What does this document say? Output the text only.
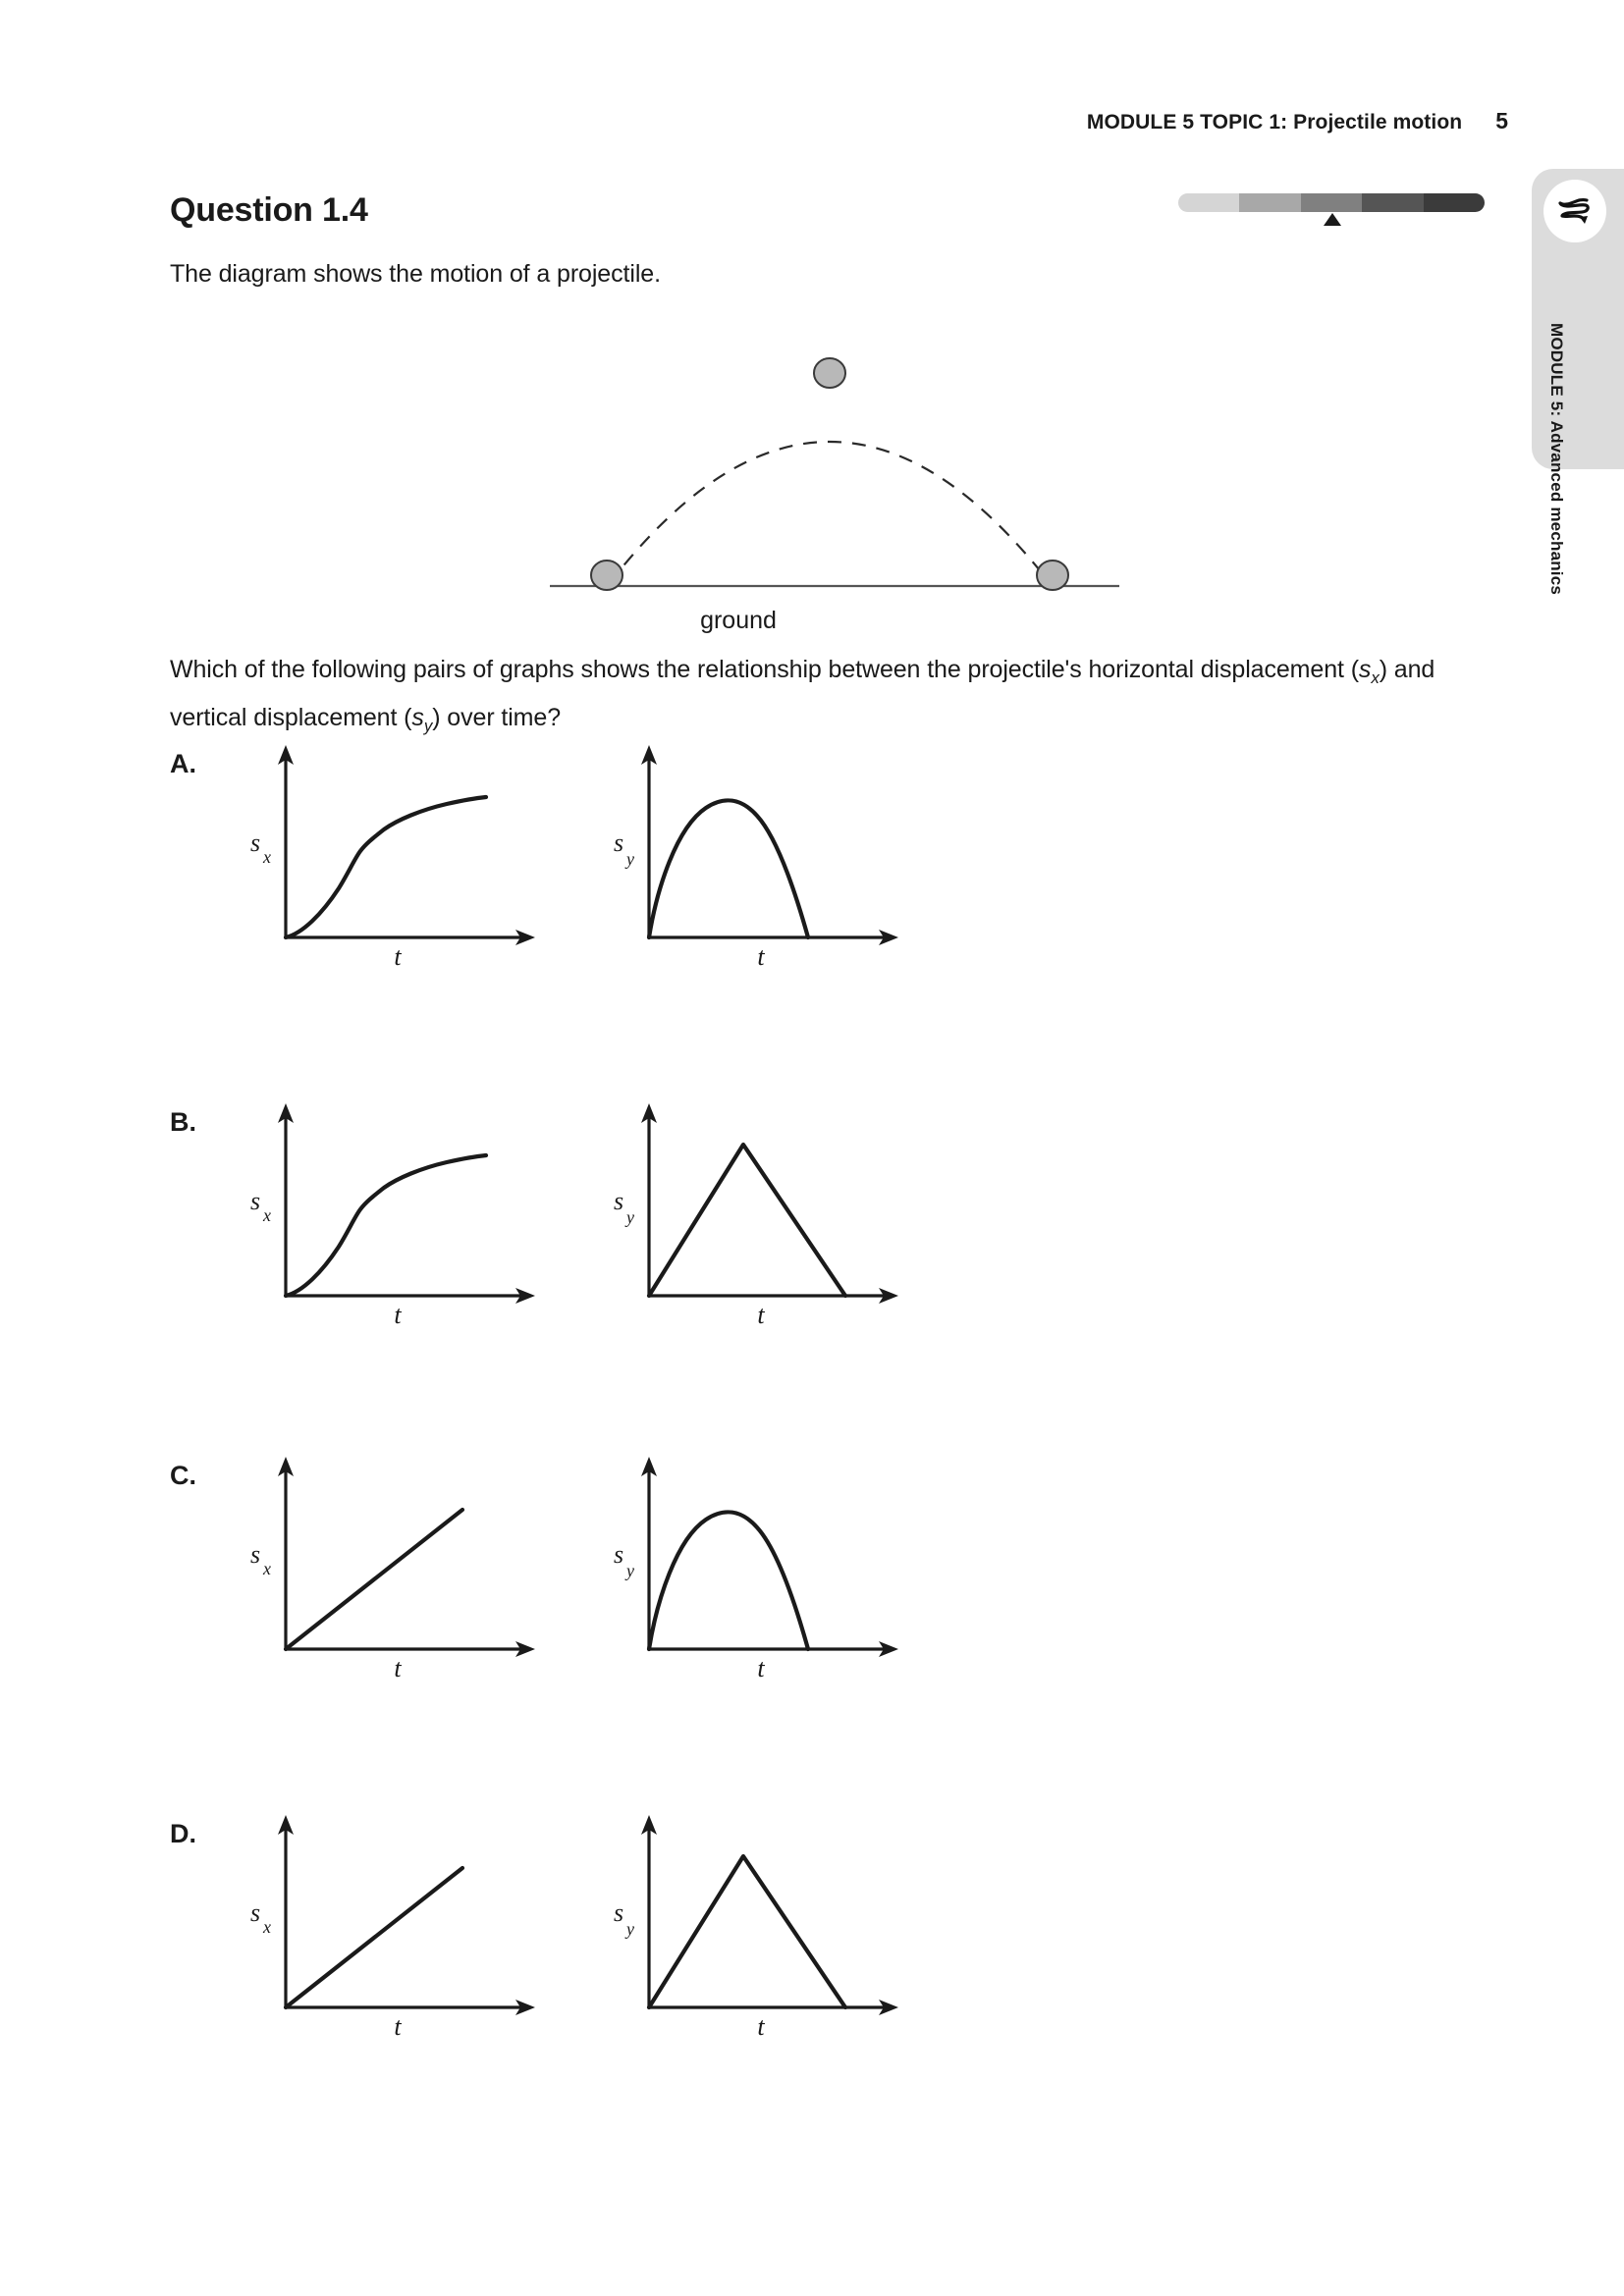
MODULE 5 TOPIC 1: Projectile motion 5
MODULE 5: Advanced mechanics
Question 1.4
The diagram shows the motion of a projectile.
ground
Which of the following pairs of graphs shows the relationship between the projectile's horizontal displacement $(s_x)$ and vertical displacement $(s_y)$ over time?
A.
s x
t
s
y
t
B.
s x
t
s
y
t
C.
s x
t
s
y
t
D.
s x
t
s
y
t
